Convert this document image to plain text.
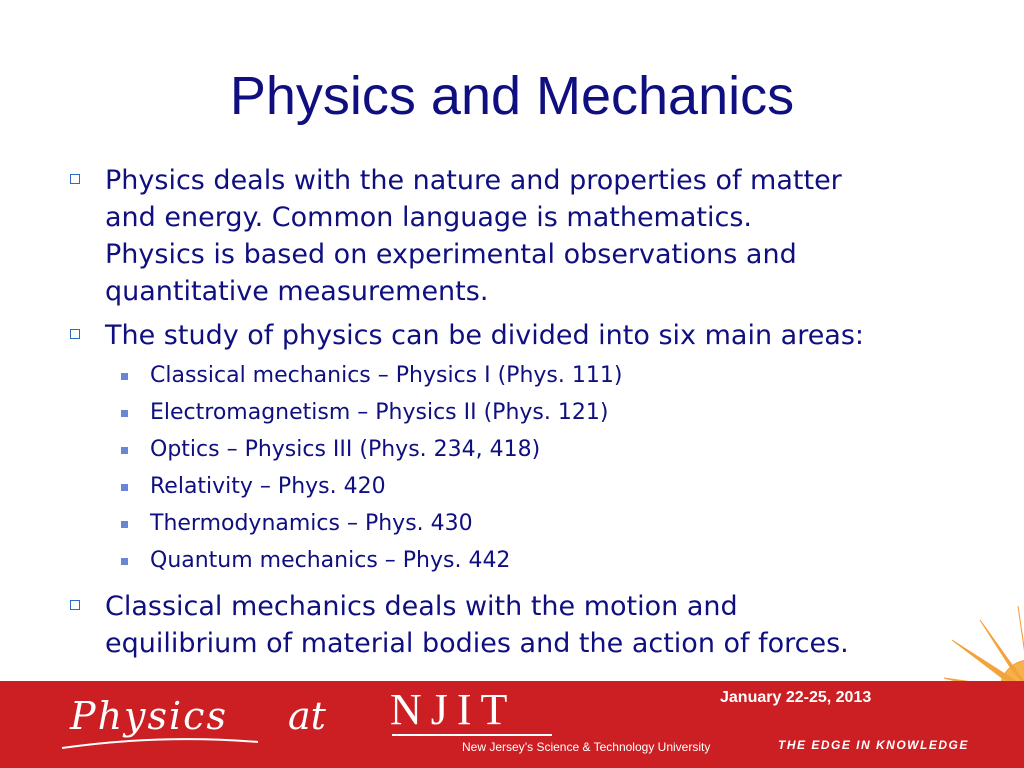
Physics and Mechanics
Physics deals with the nature and properties of matter
and energy. Common language is mathematics.
Physics is based on experimental observations and
quantitative measurements.
The study of physics can be divided into six main areas:
Classical mechanics – Physics I (Phys. 111)
Electromagnetism – Physics II (Phys. 121)
Optics – Physics III (Phys. 234, 418)
Relativity – Phys. 420
Thermodynamics – Phys. 430
Quantum mechanics – Phys. 442
Classical mechanics deals with the motion and
equilibrium of material bodies and the action of forces.
Physics at NJIT
New Jersey’s Science & Technology University
January 22-25, 2013
THE EDGE IN KNOWLEDGE
